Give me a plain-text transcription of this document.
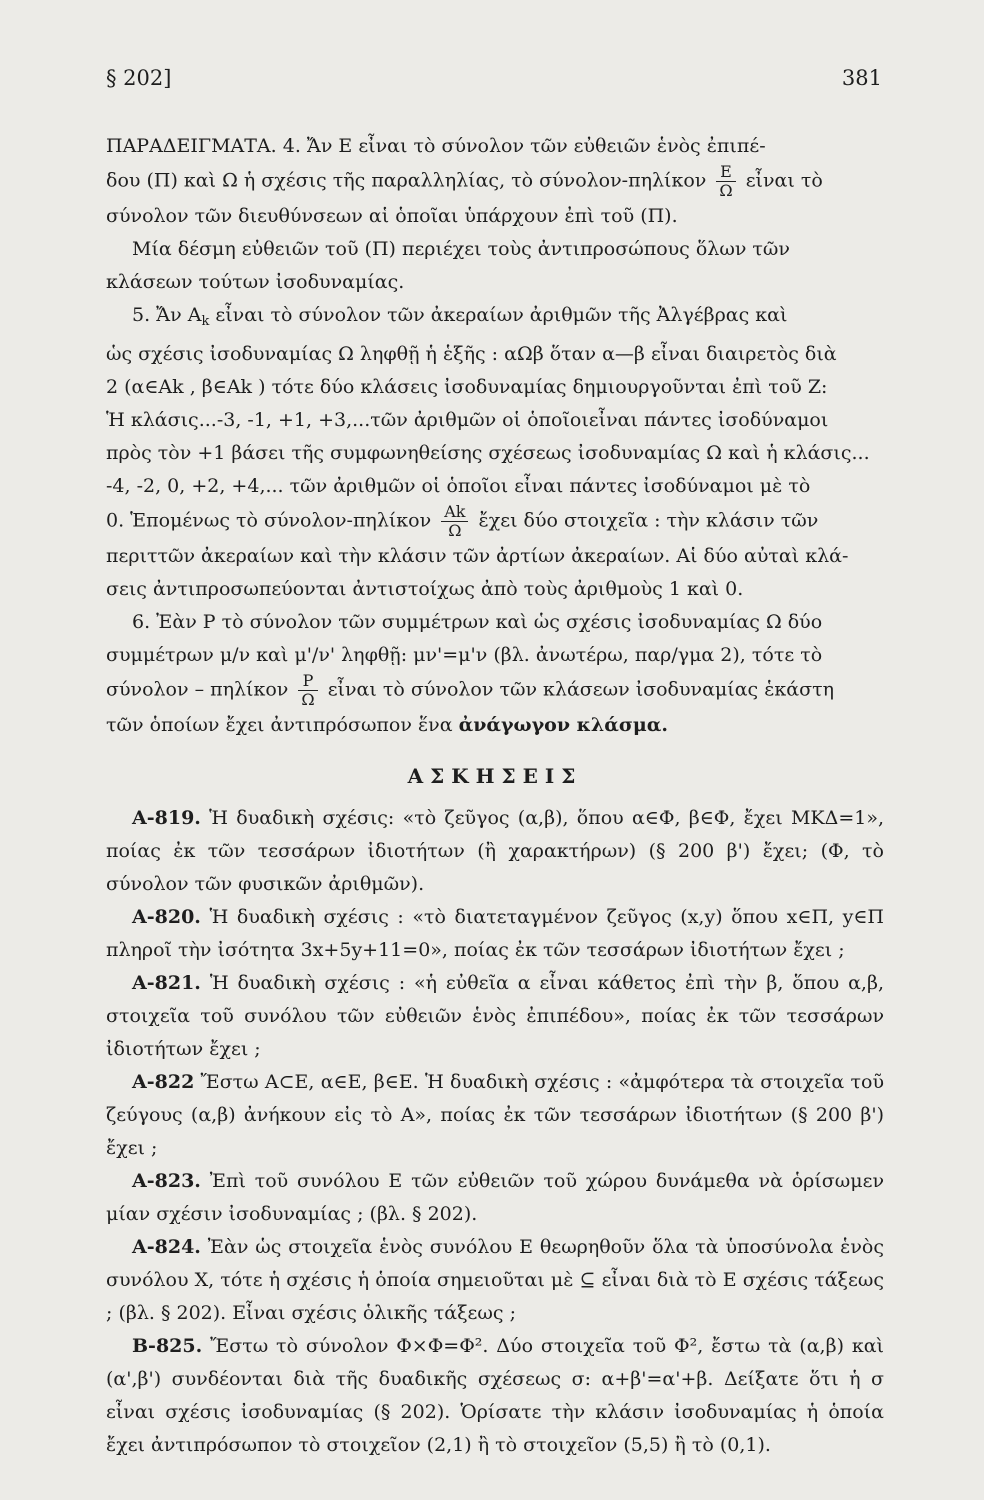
§ 202]	381

ΠΑΡΑΔΕΙΓΜΑΤΑ. 4. Ἄν Ε εἶναι τὸ σύνολον τῶν εὐθειῶν ἑνὸς ἐπιπέ-
δου (Π) καὶ Ω ἡ σχέσις τῆς παραλληλίας, τὸ $\sigma ύ\nu o\lambda o\nu-\pi\eta\lambda ί\kappa o\nu \frac{E}{\Omega}$ εἶναι τὸ
σύνολον τῶν διευθύνσεων αἱ ὁποῖαι ὑπάρχουν ἐπὶ τοῦ (Π).
Μία δέσμη εὐθειῶν τοῦ (Π) περιέχει τοὺς ἀντιπροσώπους ὅλων τῶν
κλάσεων τούτων ἰσοδυναμίας.

5. Ἄν $A_k$ εἶναι τὸ σύνολον τῶν ἀκεραίων ἀριθμῶν τῆς Ἀλγέβρας καὶ
ὡς σχέσις ἰσοδυναμίας Ω ληφθῇ ἡ ἑξῆς : αΩβ ὅταν α—β εἶναι διαιρετὸς διὰ
2 (α∈Αk , β∈Αk ) τότε δύο κλάσεις ἰσοδυναμίας δημιουργοῦνται ἐπὶ τοῦ Ζ:
Ἡ κλάσις...-3, -1, +1, +3,...τῶν ἀριθμῶν οἱ ὁποῖοιεἶναι πάντες ἰσοδύναμοι
πρὸς τὸν +1 βάσει τῆς συμφωνηθείσης σχέσεως ἰσοδυναμίας Ω καὶ ἡ κλάσις...
-4, -2, 0, +2, +4,... τῶν ἀριθμῶν οἱ ὁποῖοι εἶναι πάντες ἰσοδύναμοι μὲ τὸ
0. Ἑπομένως τὸ $\sigma ύ\nu o\lambda o\nu-\pi\eta\lambda ί\kappa o\nu \frac{Ak}{\Omega}$ ἔχει δύο στοιχεῖα : τὴν κλάσιν τῶν
περιττῶν ἀκεραίων καὶ τὴν κλάσιν τῶν ἀρτίων ἀκεραίων. Αἱ δύο αὐταὶ κλά-
σεις ἀντιπροσωπεύονται ἀντιστοίχως ἀπὸ τοὺς ἀριθμοὺς 1 καὶ 0.

6. Ἐὰν Ρ τὸ σύνολον τῶν συμμέτρων καὶ ὡς σχέσις ἰσοδυναμίας Ω δύο
συμμέτρων μ/ν καὶ μ'/ν' ληφθῇ: μν'=μ'ν (βλ. ἀνωτέρω, παρ/γμα 2), τότε τὸ
σύνολον – πηλίκον $\frac{P}{\Omega}$ εἶναι τὸ σύνολον τῶν κλάσεων ἰσοδυναμίας ἑκάστη
τῶν ὁποίων ἔχει ἀντιπρόσωπον ἕνα ἀνάγωγον κλάσμα.

ΑΣΚΗΣΕΙΣ

Α-819. Ἡ δυαδικὴ σχέσις: «τὸ ζεῦγος (α,β), ὅπου α∈Φ, β∈Φ, ἔχει ΜΚΔ=1», ποίας ἐκ τῶν τεσσάρων ἰδιοτήτων (ἢ χαρακτήρων) (§ 200 β') ἔχει; (Φ, τὸ σύνολον τῶν φυσικῶν ἀριθμῶν).

Α-820. Ἡ δυαδικὴ σχέσις : «τὸ διατεταγμένον ζεῦγος (x,y) ὅπου x∈Π, y∈Π πληροῖ τὴν ἰσότητα 3x+5y+11=0», ποίας ἐκ τῶν τεσσάρων ἰδιοτήτων ἔχει ;

Α-821. Ἡ δυαδικὴ σχέσις : «ἡ εὐθεῖα α εἶναι κάθετος ἐπὶ τὴν β, ὅπου α,β, στοιχεῖα τοῦ συνόλου τῶν εὐθειῶν ἑνὸς ἐπιπέδου», ποίας ἐκ τῶν τεσσάρων ἰδιοτήτων ἔχει ;

Α-822 Ἔστω Α⊂Ε, α∈Ε, β∈Ε. Ἡ δυαδικὴ σχέσις : «ἀμφότερα τὰ στοιχεῖα τοῦ ζεύγους (α,β) ἀνήκουν εἰς τὸ Α», ποίας ἐκ τῶν τεσσάρων ἰδιοτήτων (§ 200 β') ἔχει ;

Α-823. Ἐπὶ τοῦ συνόλου Ε τῶν εὐθειῶν τοῦ χώρου δυνάμεθα νὰ ὁρίσωμεν μίαν σχέσιν ἰσοδυναμίας ; (βλ. § 202).

Α-824. Ἐὰν ὡς στοιχεῖα ἑνὸς συνόλου Ε θεωρηθοῦν ὅλα τὰ ὑποσύνολα ἑνὸς συνόλου Χ, τότε ἡ σχέσις ἡ ὁποία σημειοῦται μὲ ⊆ εἶναι διὰ τὸ Ε σχέσις τάξεως ; (βλ. § 202). Εἶναι σχέσις ὁλικῆς τάξεως ;

Β-825. Ἔστω τὸ σύνολον Φ×Φ=Φ². Δύο στοιχεῖα τοῦ Φ², ἔστω τὰ (α,β) καὶ (α',β') συνδέονται διὰ τῆς δυαδικῆς σχέσεως σ: α+β'=α'+β. Δείξατε ὅτι ἡ σ εἶναι σχέσις ἰσοδυναμίας (§ 202). Ὁρίσατε τὴν κλάσιν ἰσοδυναμίας ἡ ὁποία ἔχει ἀντιπρόσωπον τὸ στοιχεῖον (2,1) ἢ τὸ στοιχεῖον (5,5) ἢ τὸ (0,1).
